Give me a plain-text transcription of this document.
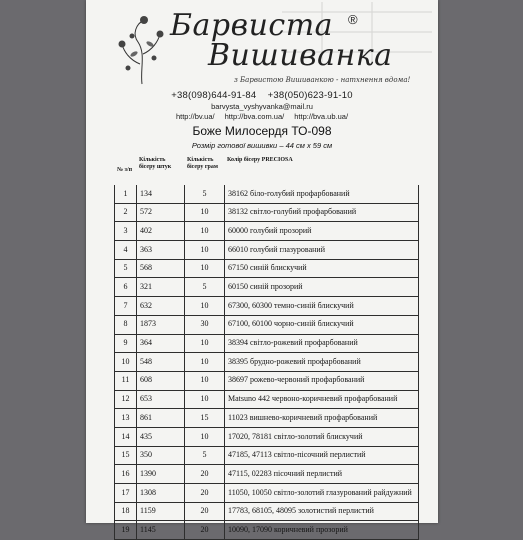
Барвиста ®
Вишиванка
з Барвистою Вишиванкою - натхнення вдома!
+38(098)644-91-84 +38(050)623-91-10
barvysta_vyshyvanka@mail.ru
http://bv.ua/ http://bva.com.ua/ http://bva.ub.ua/
Боже Милосердя ТО-098
Розмір готової вишивки – 44 см х 59 см
№ з/п	Кількість бісеру штук	Кількість бісеру грам	Колір бісеру PRECIOSA
1	134	5	38162 біло-голубий профарбований
2	572	10	38132 світло-голубий профарбований
3	402	10	60000 голубий прозорий
4	363	10	66010 голубий глазурований
5	568	10	67150 синій блискучий
6	321	5	60150 синій прозорий
7	632	10	67300, 60300 темно-синій блискучий
8	1873	30	67100, 60100 чорно-синій блискучий
9	364	10	38394 світло-рожевий профарбований
10	548	10	38395 брудно-рожевий профарбований
11	608	10	38697 рожево-червоний профарбований
12	653	10	Matsuno 442 червоно-коричневий профарбований
13	861	15	11023 вишнево-коричневий профарбований
14	435	10	17020, 78181 світло-золотий блискучий
15	350	5	47185, 47113 світло-пісочний перлистий
16	1390	20	47115, 02283 пісочний перлистий
17	1308	20	11050, 10050 світло-золотий глазурований райдужний
18	1159	20	17783, 68105, 48095 золотистий перлистий
19	1145	20	10090, 17090 коричневий прозорий
